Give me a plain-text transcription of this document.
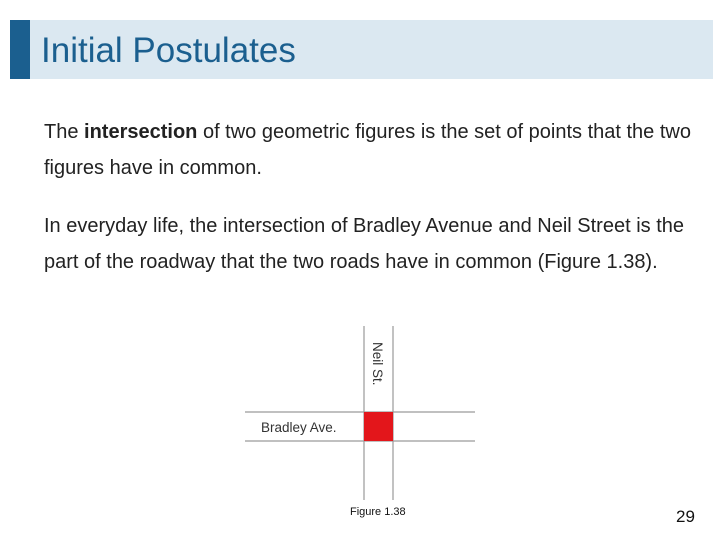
Initial Postulates
The intersection of two geometric figures is the set of points that the two figures have in common.
In everyday life, the intersection of Bradley Avenue and Neil Street is the part of the roadway that the two roads have in common (Figure 1.38).
Bradley Ave.
Neil St.
Figure 1.38	29
